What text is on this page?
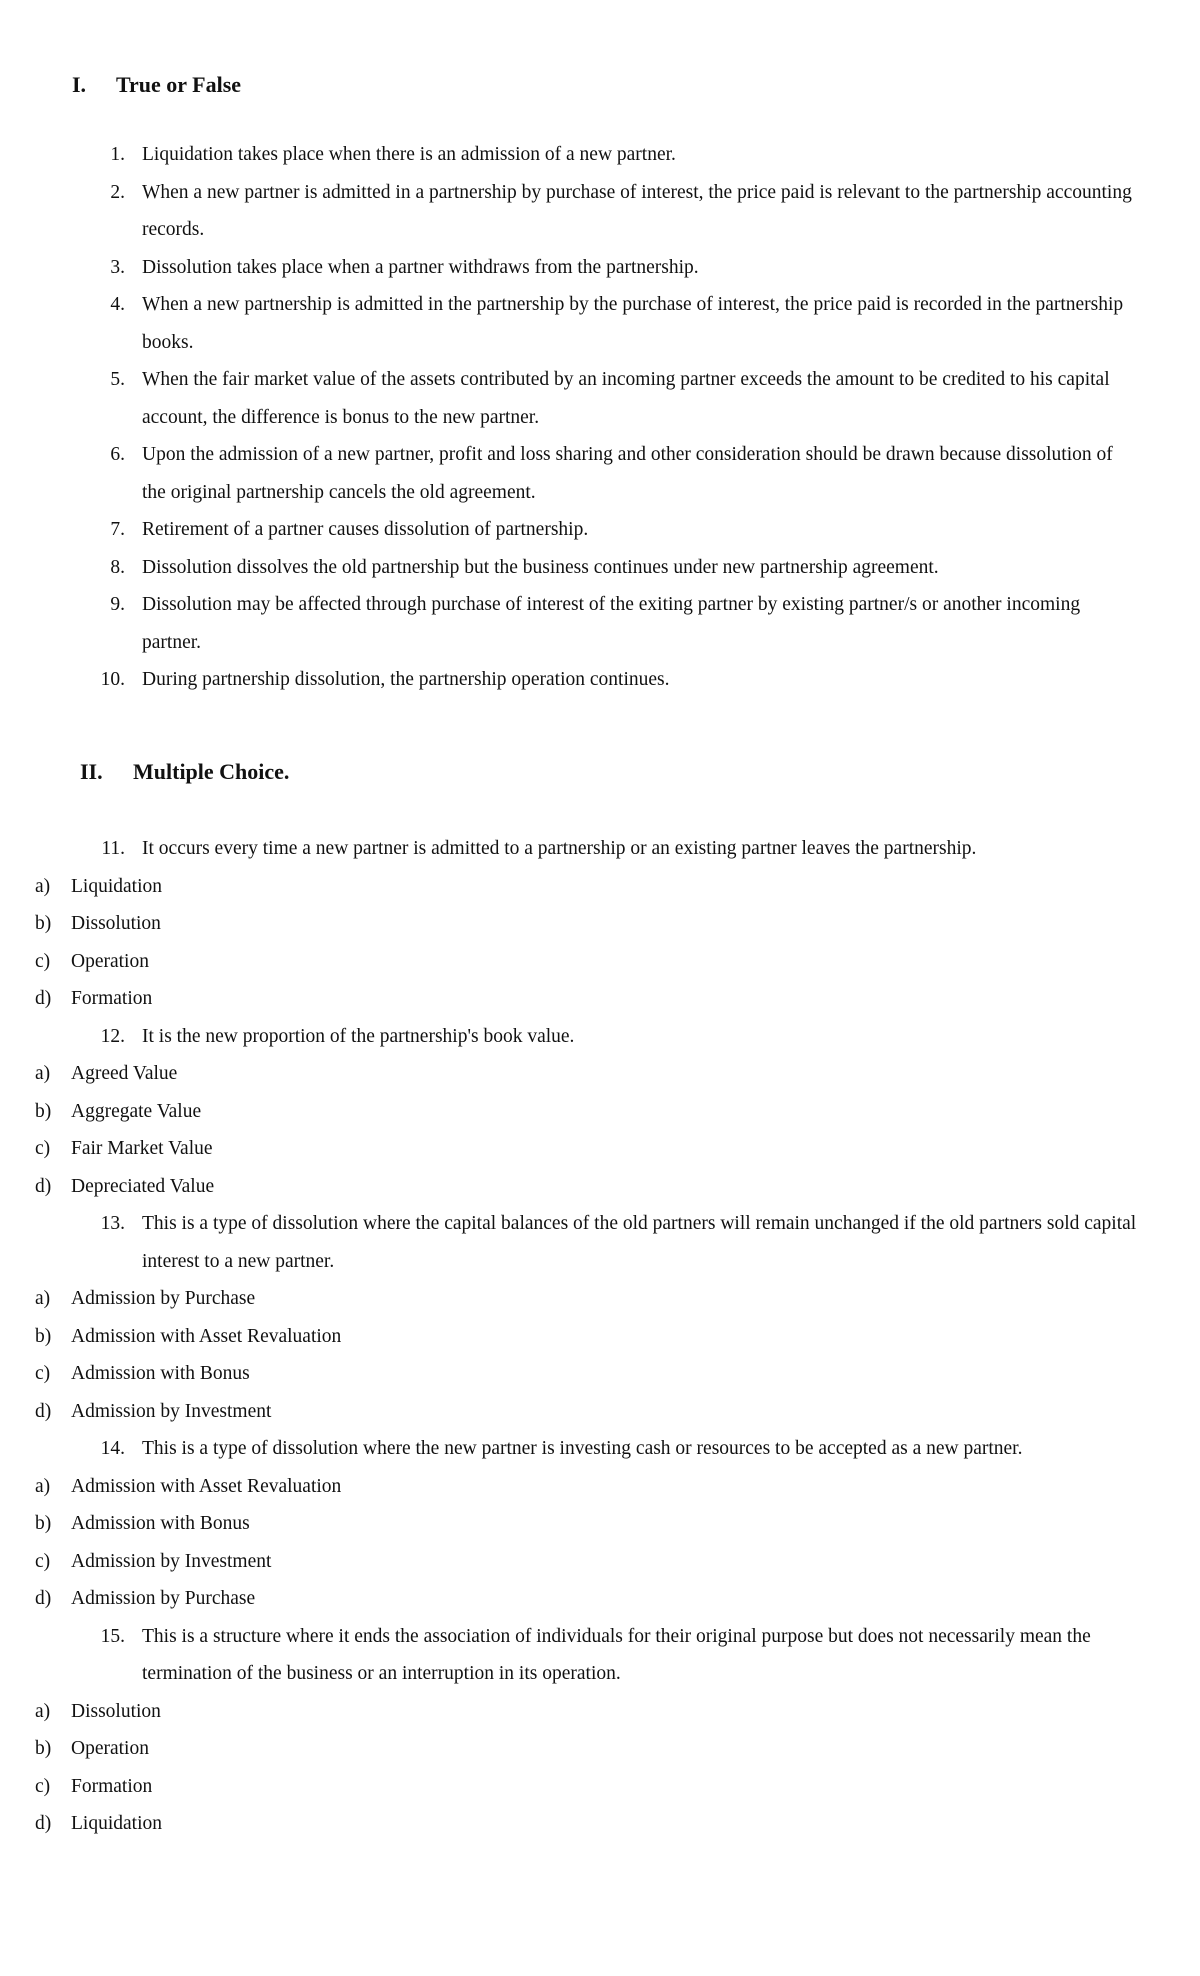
I. True or False
1. Liquidation takes place when there is an admission of a new partner.
2. When a new partner is admitted in a partnership by purchase of interest, the price paid is relevant to the partnership accounting records.
3. Dissolution takes place when a partner withdraws from the partnership.
4. When a new partnership is admitted in the partnership by the purchase of interest, the price paid is recorded in the partnership books.
5. When the fair market value of the assets contributed by an incoming partner exceeds the amount to be credited to his capital account, the difference is bonus to the new partner.
6. Upon the admission of a new partner, profit and loss sharing and other consideration should be drawn because dissolution of the original partnership cancels the old agreement.
7. Retirement of a partner causes dissolution of partnership.
8. Dissolution dissolves the old partnership but the business continues under new partnership agreement.
9. Dissolution may be affected through purchase of interest of the exiting partner by existing partner/s or another incoming partner.
10. During partnership dissolution, the partnership operation continues.
II. Multiple Choice.
11. It occurs every time a new partner is admitted to a partnership or an existing partner leaves the partnership.
a) Liquidation
b) Dissolution
c) Operation
d) Formation
12. It is the new proportion of the partnership's book value.
a) Agreed Value
b) Aggregate Value
c) Fair Market Value
d) Depreciated Value
13. This is a type of dissolution where the capital balances of the old partners will remain unchanged if the old partners sold capital interest to a new partner.
a) Admission by Purchase
b) Admission with Asset Revaluation
c) Admission with Bonus
d) Admission by Investment
14. This is a type of dissolution where the new partner is investing cash or resources to be accepted as a new partner.
a) Admission with Asset Revaluation
b) Admission with Bonus
c) Admission by Investment
d) Admission by Purchase
15. This is a structure where it ends the association of individuals for their original purpose but does not necessarily mean the termination of the business or an interruption in its operation.
a) Dissolution
b) Operation
c) Formation
d) Liquidation
